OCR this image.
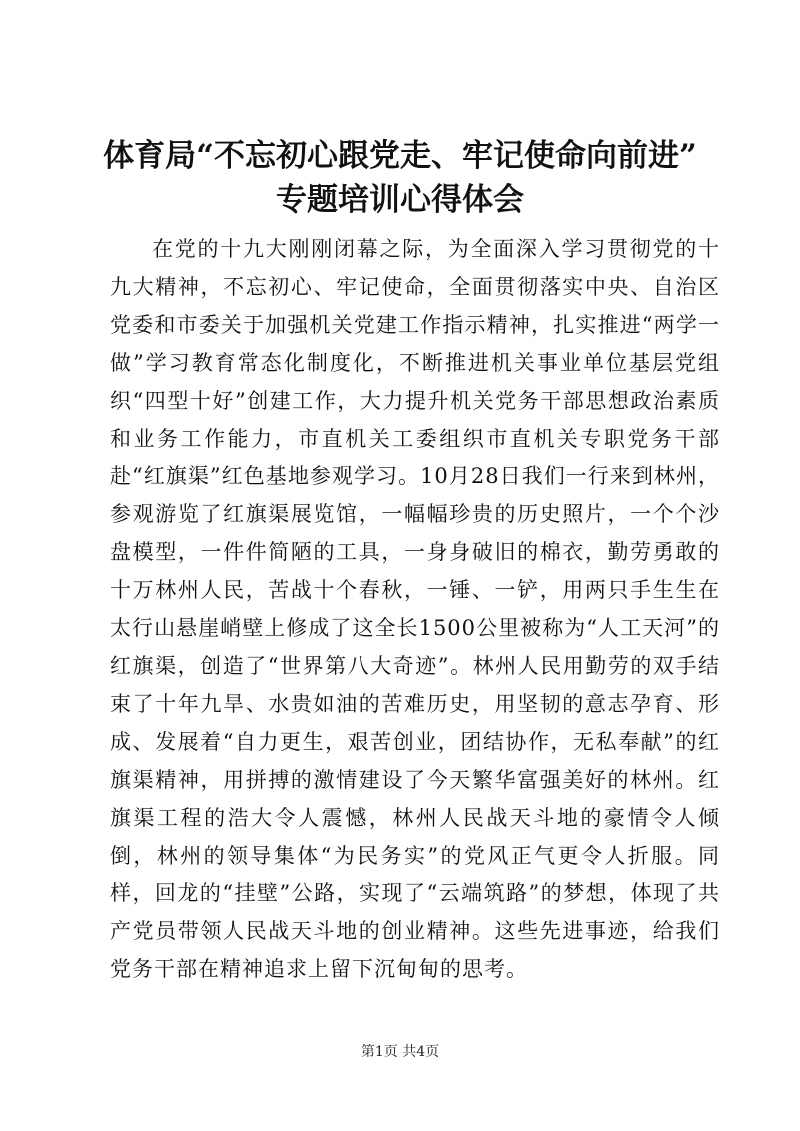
体育局“不忘初心跟党走、牢记使命向前进”
专题培训心得体会

在党的十九大刚刚闭幕之际，为全面深入学习贯彻党的十九大精神，不忘初心、牢记使命，全面贯彻落实中央、自治区党委和市委关于加强机关党建工作指示精神，扎实推进“两学一做”学习教育常态化制度化，不断推进机关事业单位基层党组织“四型十好”创建工作，大力提升机关党务干部思想政治素质和业务工作能力，市直机关工委组织市直机关专职党务干部赴“红旗渠”红色基地参观学习。10月28日我们一行来到林州，参观游览了红旗渠展览馆，一幅幅珍贵的历史照片，一个个沙盘模型，一件件简陋的工具，一身身破旧的棉衣，勤劳勇敢的十万林州人民，苦战十个春秋，一锤、一铲，用两只手生生在太行山悬崖峭壁上修成了这全长1500公里被称为“人工天河”的红旗渠，创造了“世界第八大奇迹”。林州人民用勤劳的双手结束了十年九旱、水贵如油的苦难历史，用坚韧的意志孕育、形成、发展着“自力更生，艰苦创业，团结协作，无私奉献”的红旗渠精神，用拼搏的激情建设了今天繁华富强美好的林州。红旗渠工程的浩大令人震憾，林州人民战天斗地的豪情令人倾倒，林州的领导集体“为民务实”的党风正气更令人折服。同样，回龙的“挂壁”公路，实现了“云端筑路”的梦想，体现了共产党员带领人民战天斗地的创业精神。这些先进事迹，给我们党务干部在精神追求上留下沉甸甸的思考。

第1页 共4页
